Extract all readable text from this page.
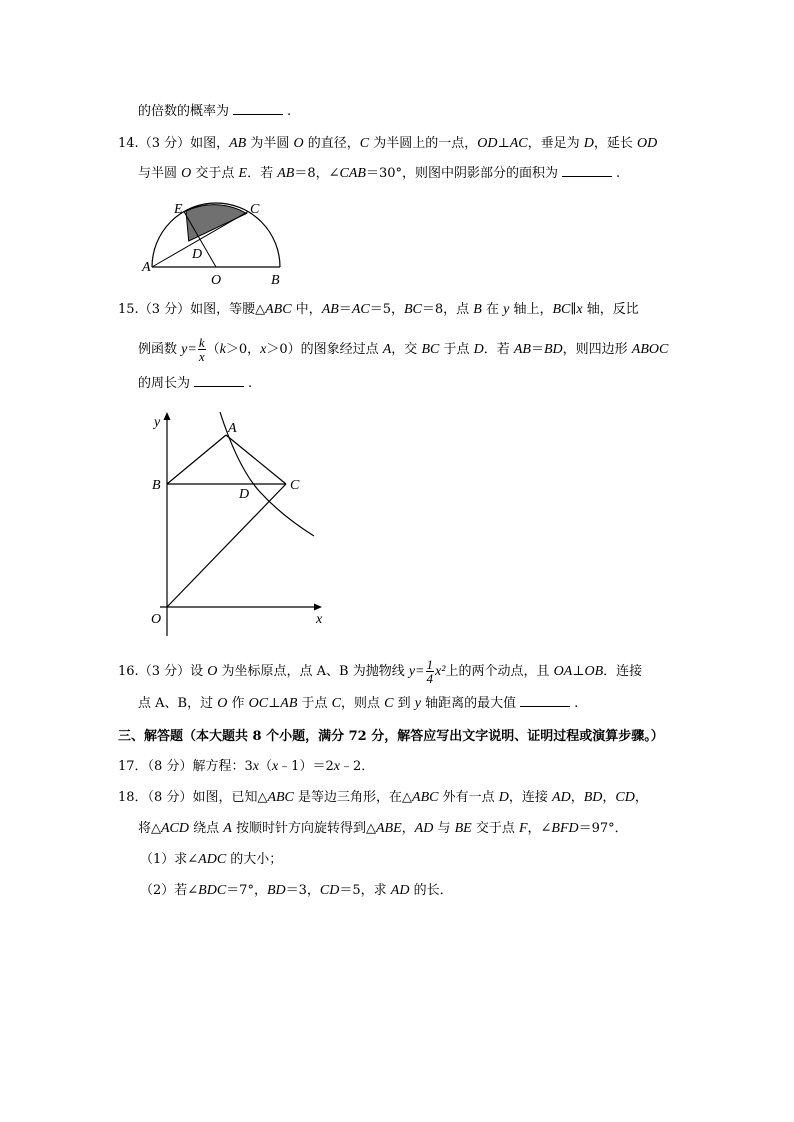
的倍数的概率为	.
14.（3 分）如图，AB 为半圆 O 的直径，C 为半圆上的一点，OD⊥AC，垂足为 D，延长 OD
与半圆 O 交于点 E．若 AB＝8，∠CAB＝30°，则图中阴影部分的面积为	.
E	C
D
A
O	B
15.（3 分）如图，等腰△ABC 中，AB＝AC＝5，BC＝8，点 B 在 y 轴上，BC∥x 轴，反比
例函数 $y= \frac{k}{x} (k>0$，x＞0）的图象经过点 A，交 BC 于点 D．若 AB＝BD，则四边形 ABOC
的周长为	.
y	A
B
D
C
O	x
16.（3 分）设 O 为坐标原点，点 A、B 为抛物线 $y= \frac{1}{4} x^2$上的两个动点，且 OA⊥OB．连接
点 A、B，过 O 作 OC⊥AB 于点 C，则点 C 到 y 轴距离的最大值	.
三、解答题（本大题共 8 个小题，满分 72 分，解答应写出文字说明、证明过程或演算步骤。）
17．（8 分）解方程：3x（x﹣1）＝2x﹣2．
18．（8 分）如图，已知△ABC 是等边三角形，在△ABC 外有一点 D，连接 AD，BD，CD，
将△ACD 绕点 A 按顺时针方向旋转得到△ABE，AD 与 BE 交于点 F，∠BFD＝97°．
（1）求∠ADC 的大小；
（2）若∠BDC＝7°，BD＝3，CD＝5，求 AD 的长．
